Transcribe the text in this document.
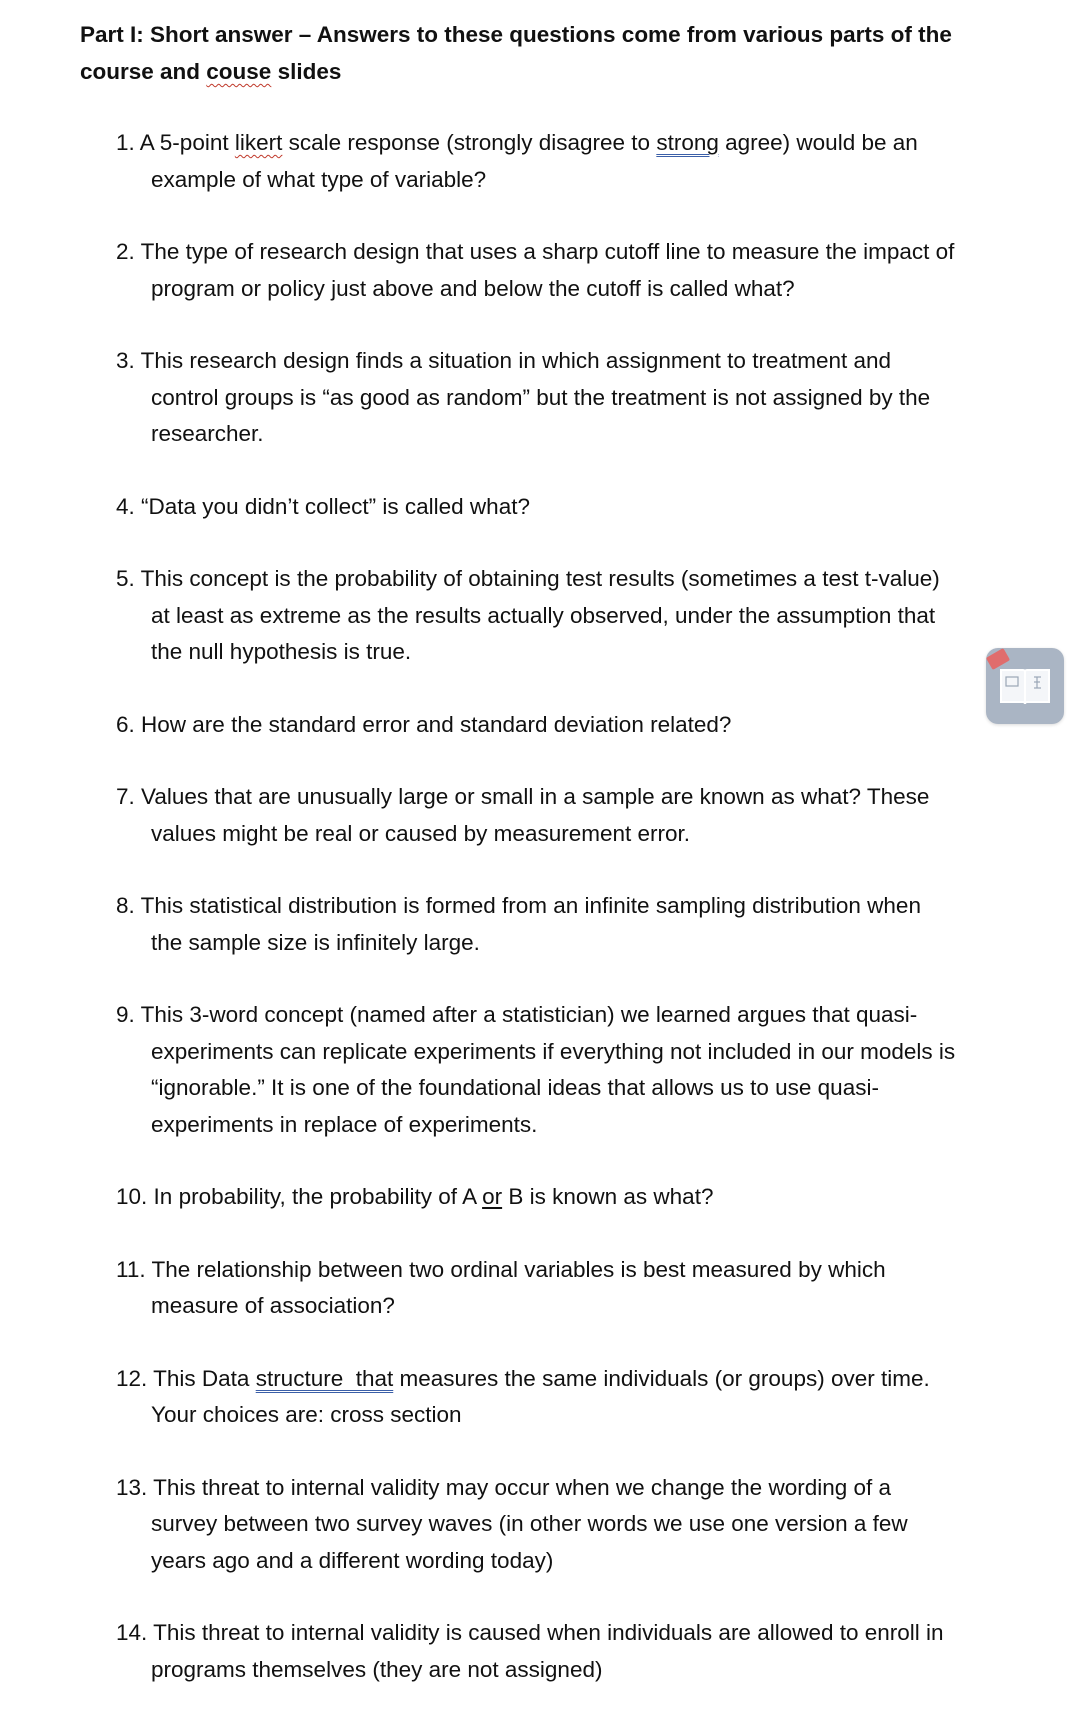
Part I: Short answer – Answers to these questions come from various parts of the
course and couse slides

1. A 5-point likert scale response (strongly disagree to strong agree) would be an
example of what type of variable?
2. The type of research design that uses a sharp cutoff line to measure the impact of
program or policy just above and below the cutoff is called what?
3. This research design finds a situation in which assignment to treatment and
control groups is “as good as random” but the treatment is not assigned by the
researcher.
4. “Data you didn’t collect” is called what?
5. This concept is the probability of obtaining test results (sometimes a test t-value)
at least as extreme as the results actually observed, under the assumption that
the null hypothesis is true.
6. How are the standard error and standard deviation related?
7. Values that are unusually large or small in a sample are known as what? These
values might be real or caused by measurement error.
8. This statistical distribution is formed from an infinite sampling distribution when
the sample size is infinitely large.
9. This 3-word concept (named after a statistician) we learned argues that quasi-
experiments can replicate experiments if everything not included in our models is
“ignorable.” It is one of the foundational ideas that allows us to use quasi-
experiments in replace of experiments.
10. In probability, the probability of A or B is known as what?
11. The relationship between two ordinal variables is best measured by which
measure of association?
12. This Data structure  that measures the same individuals (or groups) over time.
Your choices are: cross section
13. This threat to internal validity may occur when we change the wording of a
survey between two survey waves (in other words we use one version a few
years ago and a different wording today)
14. This threat to internal validity is caused when individuals are allowed to enroll in
programs themselves (they are not assigned)
